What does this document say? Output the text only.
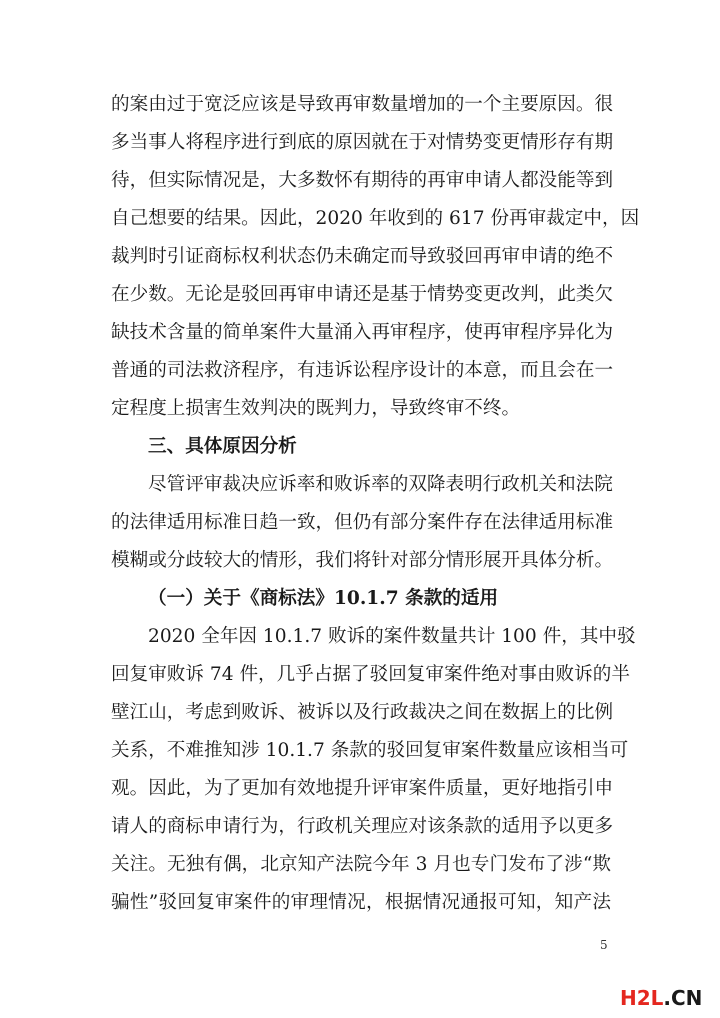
的案由过于宽泛应该是导致再审数量增加的一个主要原因。很
多当事人将程序进行到底的原因就在于对情势变更情形存有期
待，但实际情况是，大多数怀有期待的再审申请人都没能等到
自己想要的结果。因此，2020 年收到的 617 份再审裁定中，因
裁判时引证商标权利状态仍未确定而导致驳回再审申请的绝不
在少数。无论是驳回再审申请还是基于情势变更改判，此类欠
缺技术含量的简单案件大量涌入再审程序，使再审程序异化为
普通的司法救济程序，有违诉讼程序设计的本意，而且会在一
定程度上损害生效判决的既判力，导致终审不终。
三、具体原因分析
尽管评审裁决应诉率和败诉率的双降表明行政机关和法院
的法律适用标准日趋一致，但仍有部分案件存在法律适用标准
模糊或分歧较大的情形，我们将针对部分情形展开具体分析。
（一）关于《商标法》10.1.7 条款的适用
2020 全年因 10.1.7 败诉的案件数量共计 100 件，其中驳
回复审败诉 74 件，几乎占据了驳回复审案件绝对事由败诉的半
壁江山，考虑到败诉、被诉以及行政裁决之间在数据上的比例
关系，不难推知涉 10.1.7 条款的驳回复审案件数量应该相当可
观。因此，为了更加有效地提升评审案件质量，更好地指引申
请人的商标申请行为，行政机关理应对该条款的适用予以更多
关注。无独有偶，北京知产法院今年 3 月也专门发布了涉“欺
骗性”驳回复审案件的审理情况，根据情况通报可知，知产法
5
H2L.CN
